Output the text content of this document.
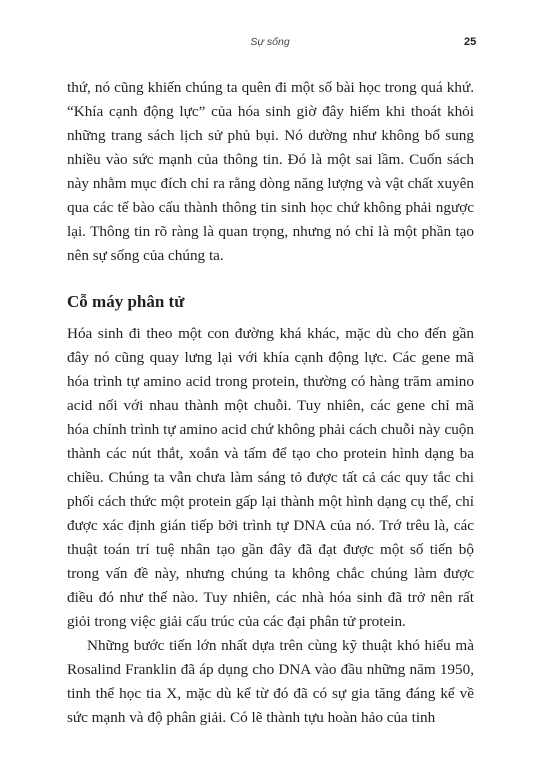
Sự sống	25

thứ, nó cũng khiến chúng ta quên đi một số bài học trong quá khứ. “Khía cạnh động lực” của hóa sinh giờ đây hiếm khi thoát khỏi những trang sách lịch sử phủ bụi. Nó dường như không bổ sung nhiều vào sức mạnh của thông tin. Đó là một sai lầm. Cuốn sách này nhằm mục đích chỉ ra rằng dòng năng lượng và vật chất xuyên qua các tế bào cấu thành thông tin sinh học chứ không phải ngược lại. Thông tin rõ ràng là quan trọng, nhưng nó chỉ là một phần tạo nên sự sống của chúng ta.

Cỗ máy phân tử

Hóa sinh đi theo một con đường khá khác, mặc dù cho đến gần đây nó cũng quay lưng lại với khía cạnh động lực. Các gene mã hóa trình tự amino acid trong protein, thường có hàng trăm amino acid nối với nhau thành một chuỗi. Tuy nhiên, các gene chỉ mã hóa chính trình tự amino acid chứ không phải cách chuỗi này cuộn thành các nút thắt, xoắn và tấm để tạo cho protein hình dạng ba chiều. Chúng ta vẫn chưa làm sáng tỏ được tất cả các quy tắc chi phối cách thức một protein gấp lại thành một hình dạng cụ thể, chỉ được xác định gián tiếp bởi trình tự DNA của nó. Trớ trêu là, các thuật toán trí tuệ nhân tạo gần đây đã đạt được một số tiến bộ trong vấn đề này, nhưng chúng ta không chắc chúng làm được điều đó như thế nào. Tuy nhiên, các nhà hóa sinh đã trở nên rất giỏi trong việc giải cấu trúc của các đại phân tử protein.

Những bước tiến lớn nhất dựa trên cùng kỹ thuật khó hiểu mà Rosalind Franklin đã áp dụng cho DNA vào đầu những năm 1950, tinh thể học tia X, mặc dù kể từ đó đã có sự gia tăng đáng kể về sức mạnh và độ phân giải. Có lẽ thành tựu hoàn hảo của tinh
